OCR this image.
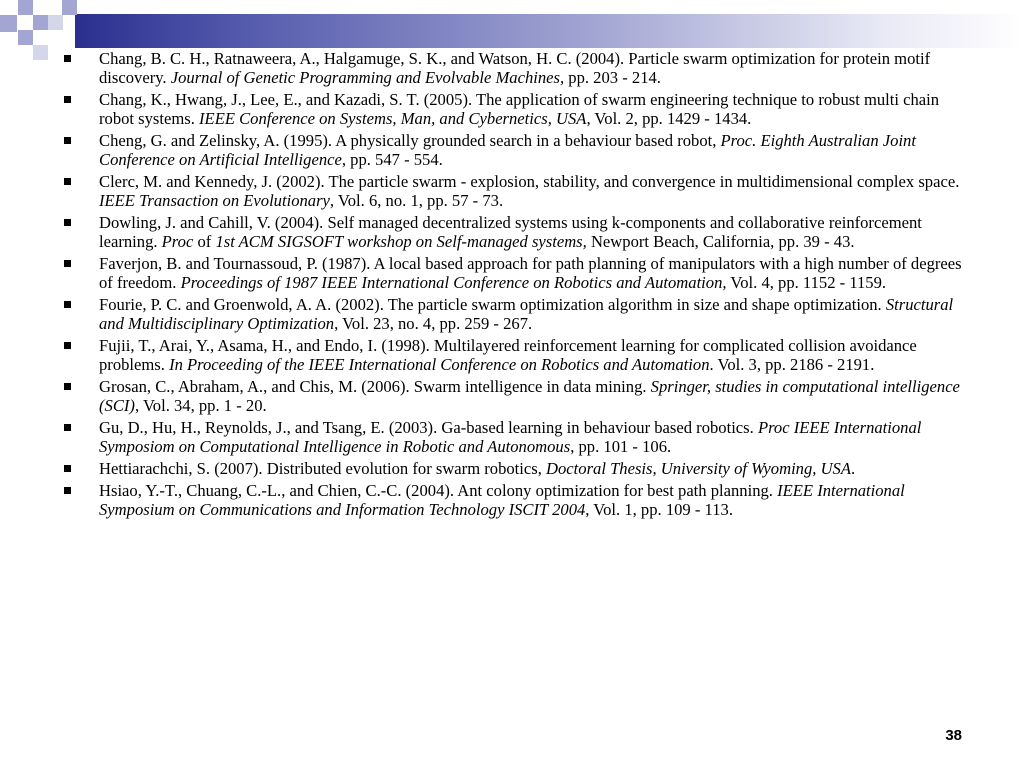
Chang, B. C. H., Ratnaweera, A., Halgamuge, S. K., and Watson, H. C. (2004). Particle swarm optimization for protein motif discovery. Journal of Genetic Programming and Evolvable Machines, pp. 203 - 214.
Chang, K., Hwang, J., Lee, E., and Kazadi, S. T. (2005). The application of swarm engineering technique to robust multi chain robot systems. IEEE Conference on Systems, Man, and Cybernetics, USA, Vol. 2, pp. 1429 - 1434.
Cheng, G. and Zelinsky, A. (1995). A physically grounded search in a behaviour based robot, Proc. Eighth Australian Joint Conference on Artificial Intelligence, pp. 547 - 554.
Clerc, M. and Kennedy, J. (2002). The particle swarm - explosion, stability, and convergence in multidimensional complex space. IEEE Transaction on Evolutionary, Vol. 6, no. 1, pp. 57 - 73.
Dowling, J. and Cahill, V. (2004). Self managed decentralized systems using k-components and collaborative reinforcement learning. Proc of 1st ACM SIGSOFT workshop on Self-managed systems, Newport Beach, California, pp. 39 - 43.
Faverjon, B. and Tournassoud, P. (1987). A local based approach for path planning of manipulators with a high number of degrees of freedom. Proceedings of 1987 IEEE International Conference on Robotics and Automation, Vol. 4, pp. 1152 - 1159.
Fourie, P. C. and Groenwold, A. A. (2002). The particle swarm optimization algorithm in size and shape optimization. Structural and Multidisciplinary Optimization, Vol. 23, no. 4, pp. 259 - 267.
Fujii, T., Arai, Y., Asama, H., and Endo, I. (1998). Multilayered reinforcement learning for complicated collision avoidance problems. In Proceeding of the IEEE International Conference on Robotics and Automation. Vol. 3, pp. 2186 - 2191.
Grosan, C., Abraham, A., and Chis, M. (2006). Swarm intelligence in data mining. Springer, studies in computational intelligence (SCI), Vol. 34, pp. 1 - 20.
Gu, D., Hu, H., Reynolds, J., and Tsang, E. (2003). Ga-based learning in behaviour based robotics. Proc IEEE International Symposiom on Computational Intelligence in Robotic and Autonomous, pp. 101 - 106.
Hettiarachchi, S. (2007). Distributed evolution for swarm robotics, Doctoral Thesis, University of Wyoming, USA.
Hsiao, Y.-T., Chuang, C.-L., and Chien, C.-C. (2004). Ant colony optimization for best path planning. IEEE International Symposium on Communications and Information Technology ISCIT 2004, Vol. 1, pp. 109 - 113.
38
